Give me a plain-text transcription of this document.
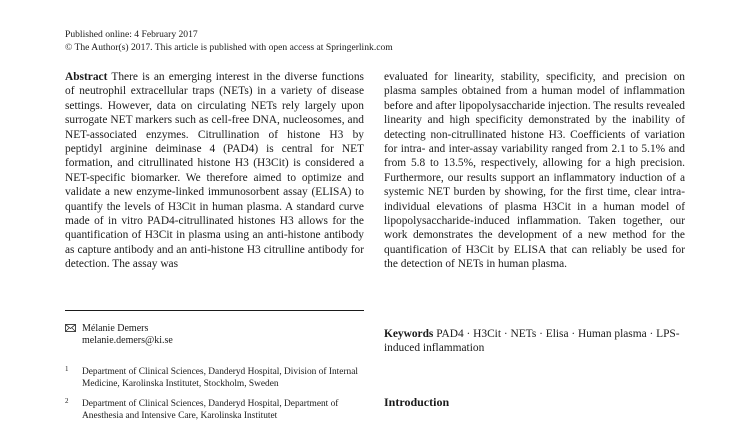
Published online: 4 February 2017
© The Author(s) 2017. This article is published with open access at Springerlink.com
Abstract There is an emerging interest in the diverse functions of neutrophil extracellular traps (NETs) in a variety of disease settings. However, data on circulating NETs rely largely upon surrogate NET markers such as cell-free DNA, nucleosomes, and NET-associated enzymes. Citrullination of histone H3 by peptidyl arginine deiminase 4 (PAD4) is central for NET formation, and citrullinated histone H3 (H3Cit) is considered a NET-specific biomarker. We therefore aimed to optimize and validate a new enzyme-linked immunosorbent assay (ELISA) to quantify the levels of H3Cit in human plasma. A standard curve made of in vitro PAD4-citrullinated histones H3 allows for the quantification of H3Cit in plasma using an anti-histone antibody as capture antibody and an anti-histone H3 citrulline antibody for detection. The assay was
evaluated for linearity, stability, specificity, and precision on plasma samples obtained from a human model of inflammation before and after lipopolysaccharide injection. The results revealed linearity and high specificity demonstrated by the inability of detecting non-citrullinated histone H3. Coefficients of variation for intra- and inter-assay variability ranged from 2.1 to 5.1% and from 5.8 to 13.5%, respectively, allowing for a high precision. Furthermore, our results support an inflammatory induction of a systemic NET burden by showing, for the first time, clear intra-individual elevations of plasma H3Cit in a human model of lipopolysaccharide-induced inflammation. Taken together, our work demonstrates the development of a new method for the quantification of H3Cit by ELISA that can reliably be used for the detection of NETs in human plasma.
Mélanie Demers
melanie.demers@ki.se
1 Department of Clinical Sciences, Danderyd Hospital, Division of Internal Medicine, Karolinska Institutet, Stockholm, Sweden
2 Department of Clinical Sciences, Danderyd Hospital, Department of Anesthesia and Intensive Care, Karolinska Institutet
Keywords PAD4 · H3Cit · NETs · Elisa · Human plasma · LPS-induced inflammation
Introduction
